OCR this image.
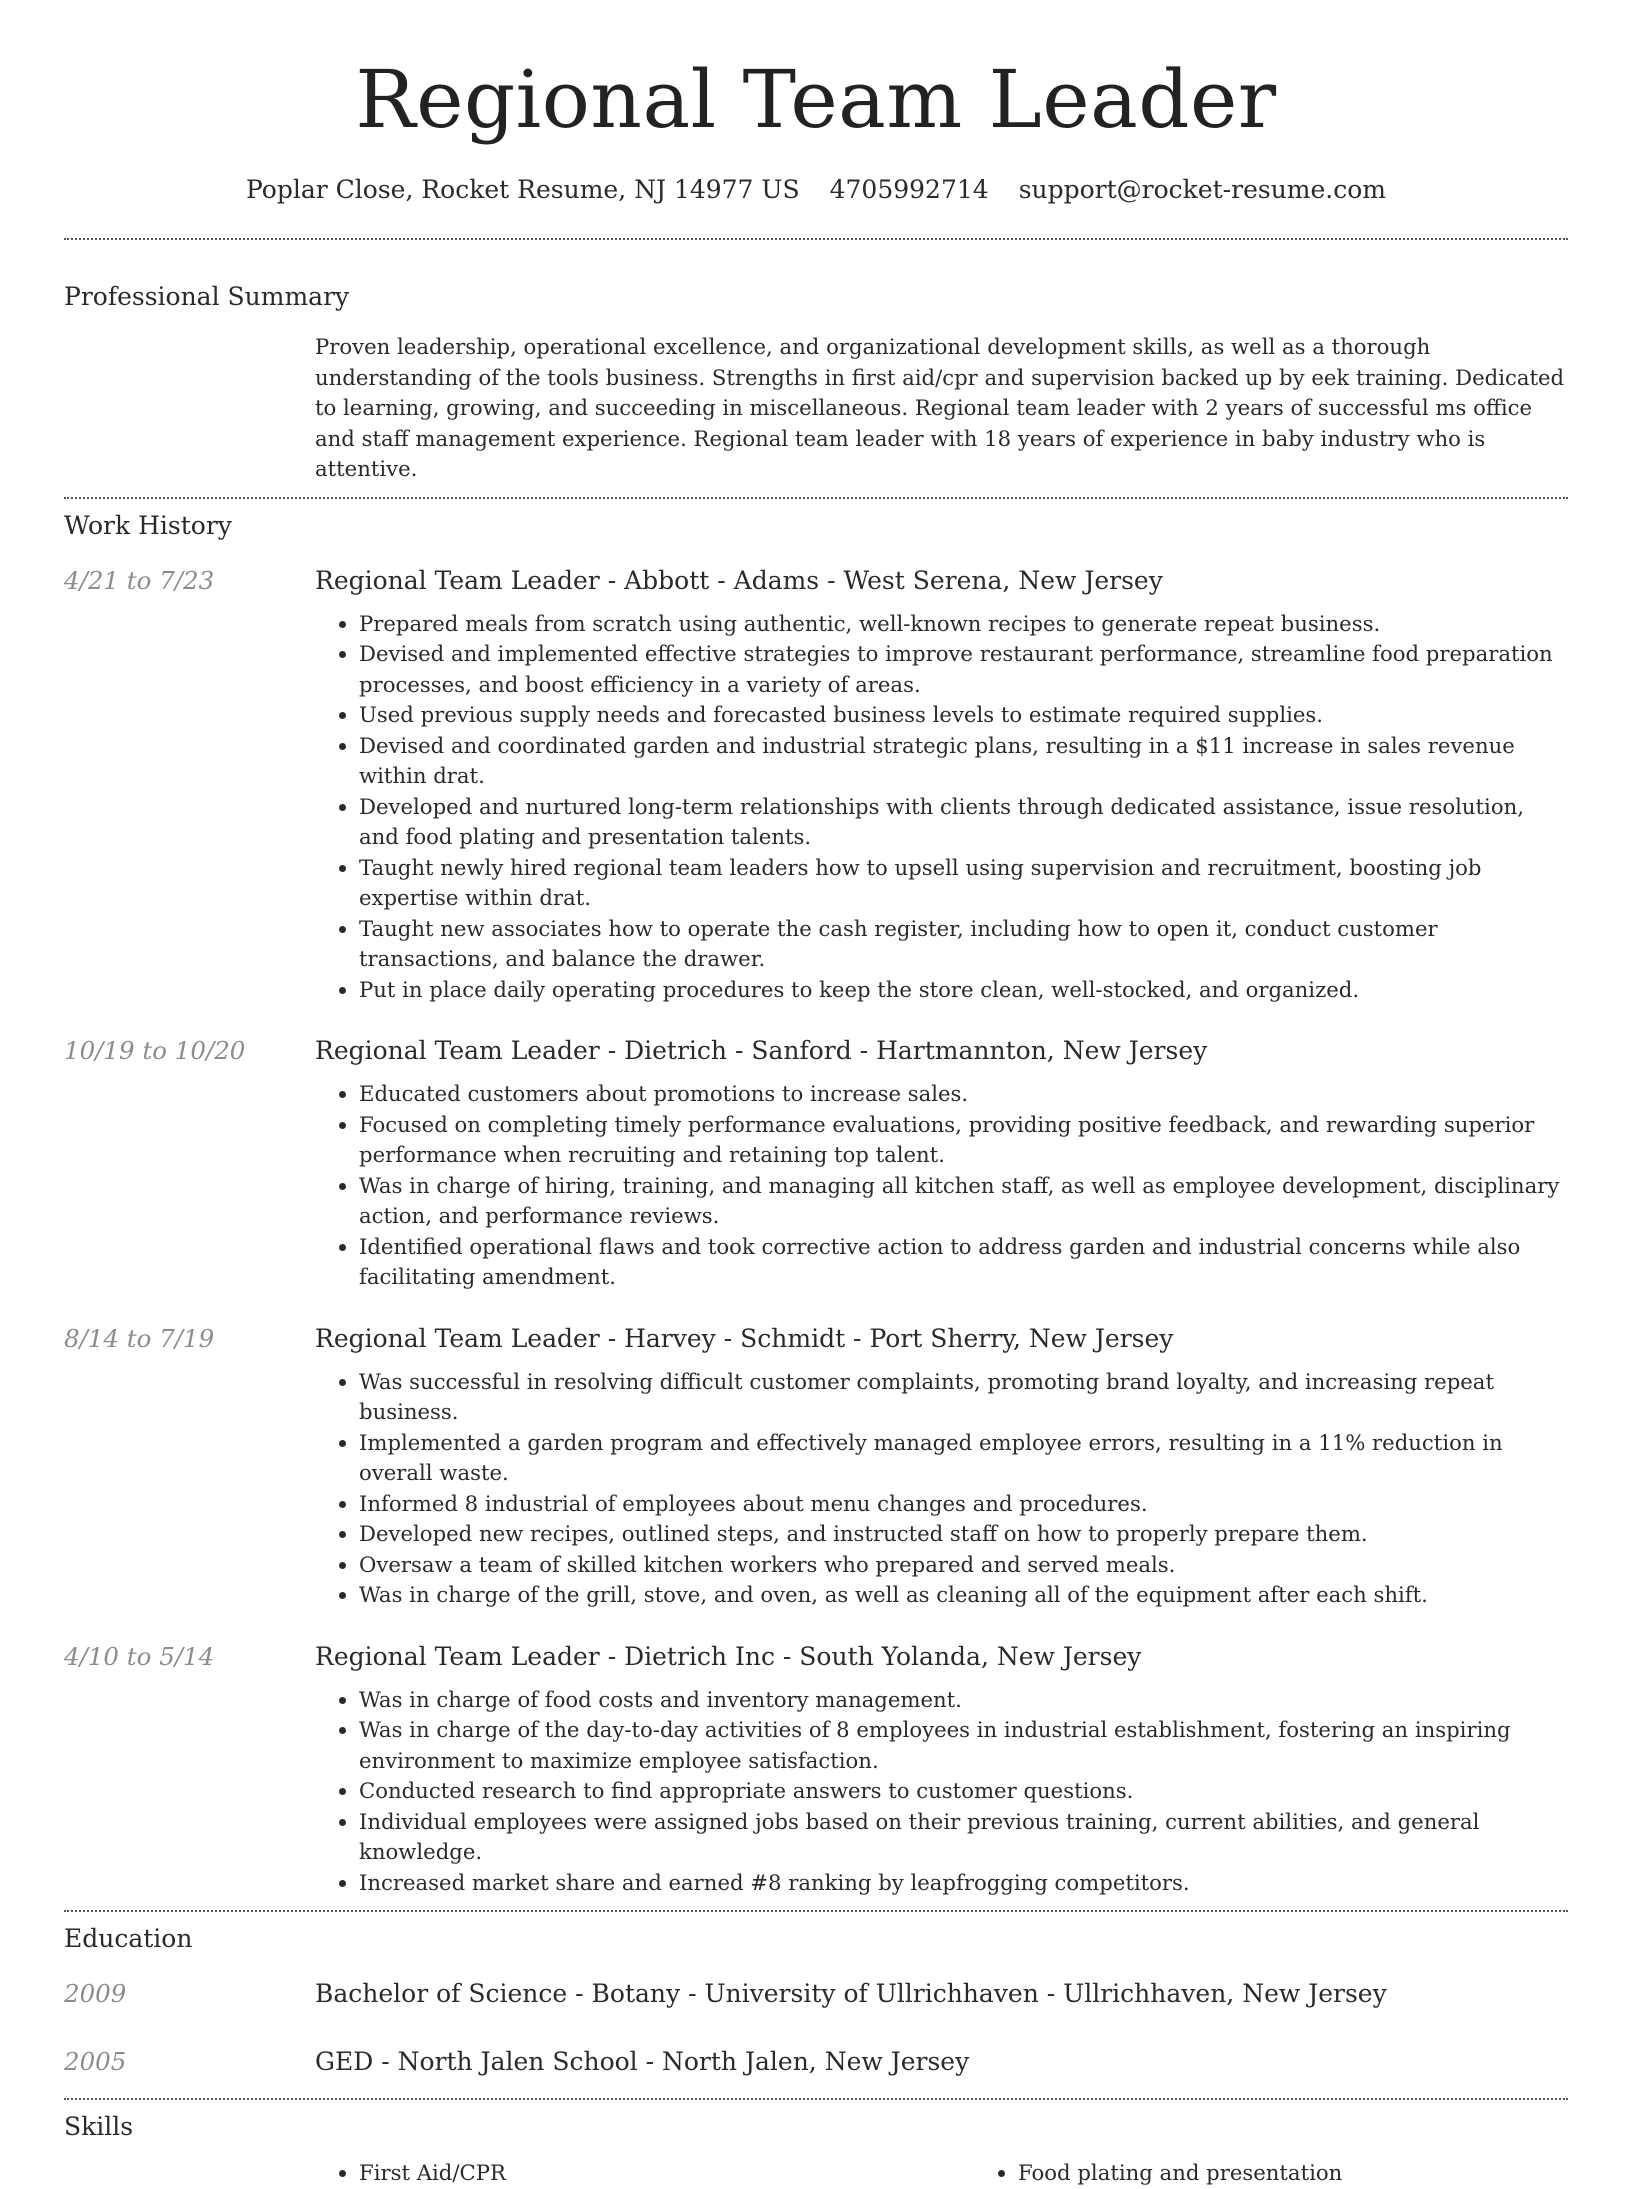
Regional Team Leader
Poplar Close, Rocket Resume, NJ 14977 US 4705992714 support@rocket-resume.com
Professional Summary

Proven leadership, operational excellence, and organizational development skills, as well as a thorough understanding of the tools business. Strengths in first aid/cpr and supervision backed up by eek training. Dedicated to learning, growing, and succeeding in miscellaneous. Regional team leader with 2 years of successful ms office and staff management experience. Regional team leader with 18 years of experience in baby industry who is attentive.

Work History
4/21 to 7/23	Regional Team Leader - Abbott - Adams - West Serena, New Jersey
• Prepared meals from scratch using authentic, well-known recipes to generate repeat business.
• Devised and implemented effective strategies to improve restaurant performance, streamline food preparation processes, and boost efficiency in a variety of areas.
• Used previous supply needs and forecasted business levels to estimate required supplies.
• Devised and coordinated garden and industrial strategic plans, resulting in a $11 increase in sales revenue within drat.
• Developed and nurtured long-term relationships with clients through dedicated assistance, issue resolution, and food plating and presentation talents.
• Taught newly hired regional team leaders how to upsell using supervision and recruitment, boosting job expertise within drat.
• Taught new associates how to operate the cash register, including how to open it, conduct customer transactions, and balance the drawer.
• Put in place daily operating procedures to keep the store clean, well-stocked, and organized.
10/19 to 10/20	Regional Team Leader - Dietrich - Sanford - Hartmannton, New Jersey
• Educated customers about promotions to increase sales.
• Focused on completing timely performance evaluations, providing positive feedback, and rewarding superior performance when recruiting and retaining top talent.
• Was in charge of hiring, training, and managing all kitchen staff, as well as employee development, disciplinary action, and performance reviews.
• Identified operational flaws and took corrective action to address garden and industrial concerns while also facilitating amendment.
8/14 to 7/19	Regional Team Leader - Harvey - Schmidt - Port Sherry, New Jersey
• Was successful in resolving difficult customer complaints, promoting brand loyalty, and increasing repeat business.
• Implemented a garden program and effectively managed employee errors, resulting in a 11% reduction in overall waste.
• Informed 8 industrial of employees about menu changes and procedures.
• Developed new recipes, outlined steps, and instructed staff on how to properly prepare them.
• Oversaw a team of skilled kitchen workers who prepared and served meals.
• Was in charge of the grill, stove, and oven, as well as cleaning all of the equipment after each shift.
4/10 to 5/14	Regional Team Leader - Dietrich Inc - South Yolanda, New Jersey
• Was in charge of food costs and inventory management.
• Was in charge of the day-to-day activities of 8 employees in industrial establishment, fostering an inspiring environment to maximize employee satisfaction.
• Conducted research to find appropriate answers to customer questions.
• Individual employees were assigned jobs based on their previous training, current abilities, and general knowledge.
• Increased market share and earned #8 ranking by leapfrogging competitors.
Education
2009	Bachelor of Science - Botany - University of Ullrichhaven - Ullrichhaven, New Jersey
2005	GED - North Jalen School - North Jalen, New Jersey
Skills
• First Aid/CPR
•	Food plating and presentation
